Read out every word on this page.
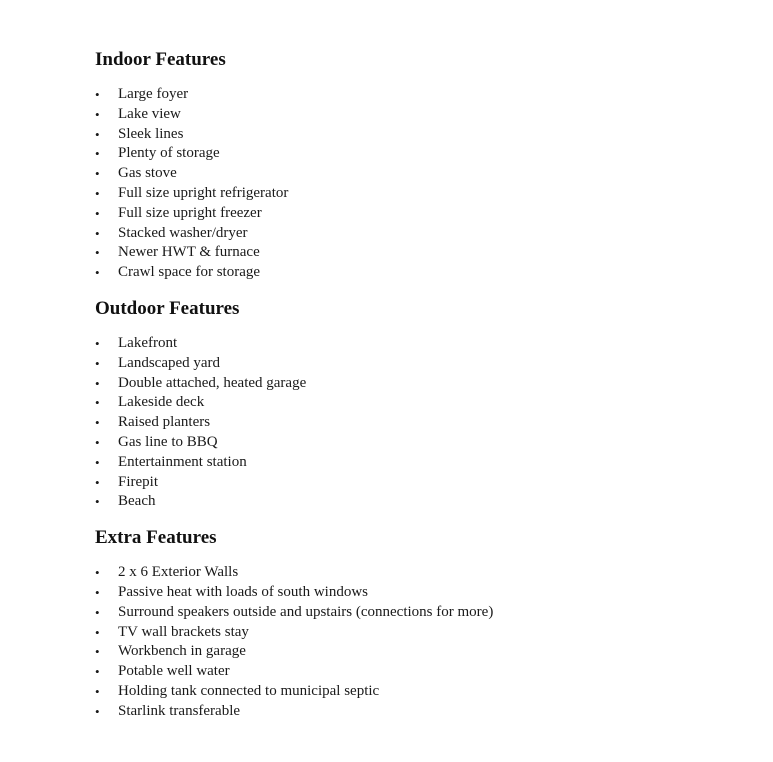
Indoor Features
•	Large foyer
•	Lake view
•	Sleek lines
•	Plenty of storage
•	Gas stove
•	Full size upright refrigerator
•	Full size upright freezer
•	Stacked washer/dryer
•	Newer HWT & furnace
•	Crawl space for storage
Outdoor Features
•	Lakefront
•	Landscaped yard
•	Double attached, heated garage
•	Lakeside deck
•	Raised planters
•	Gas line to BBQ
•	Entertainment station
•	Firepit
•	Beach
Extra Features
•	2 x 6 Exterior Walls
•	Passive heat with loads of south windows
•	Surround speakers outside and upstairs (connections for more)
•	TV wall brackets stay
•	Workbench in garage
•	Potable well water
•	Holding tank connected to municipal septic
•	Starlink transferable
